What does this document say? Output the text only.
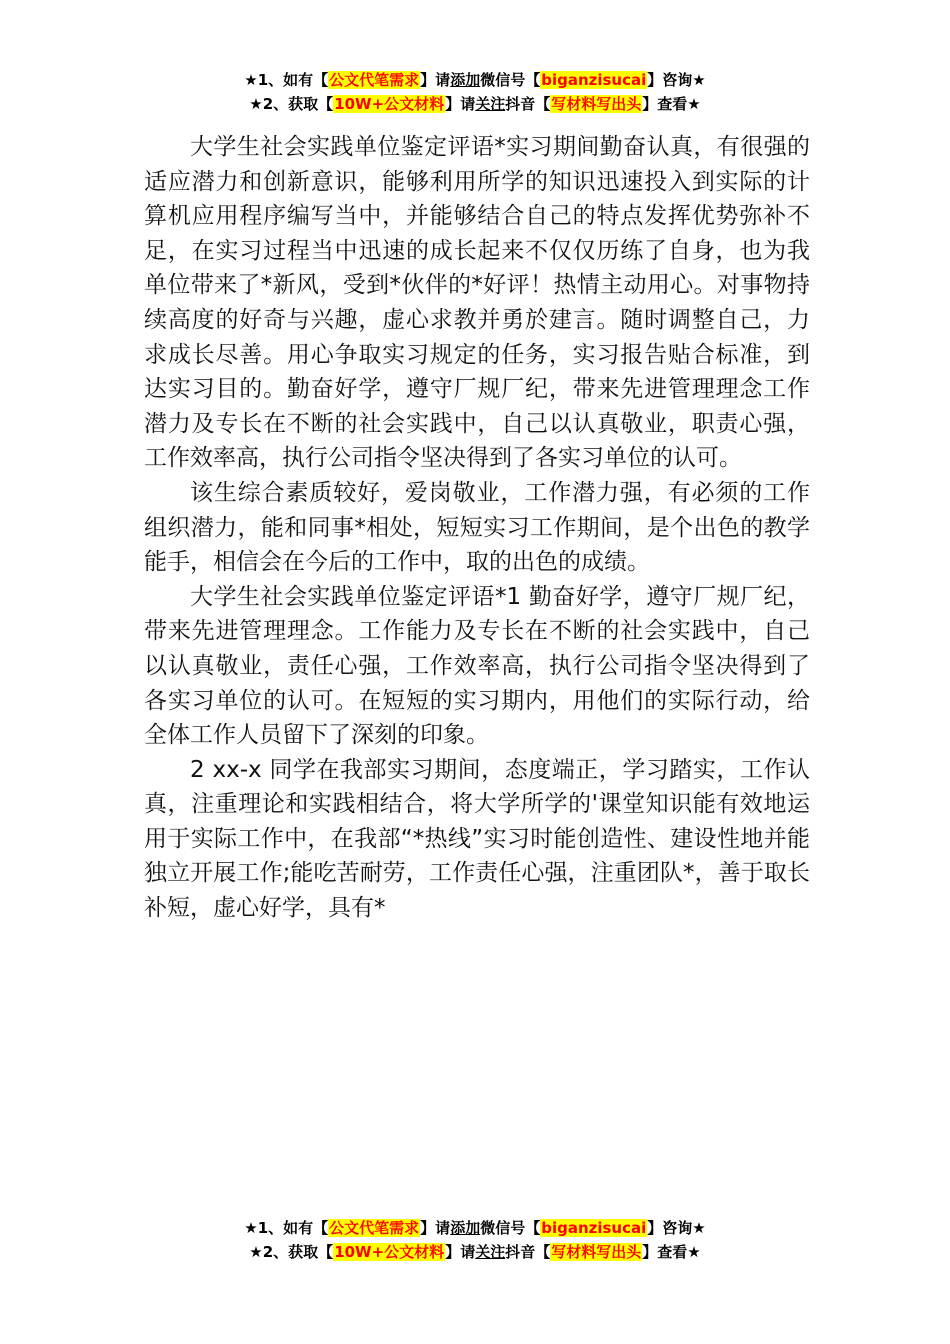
★1、如有【公文代笔需求】请添加微信号【biganzisucai】咨询★
★2、获取【10W+公文材料】请关注抖音【写材料写出头】查看★

大学生社会实践单位鉴定评语*实习期间勤奋认真，有很强的适应潜力和创新意识，能够利用所学的知识迅速投入到实际的计算机应用程序编写当中，并能够结合自己的特点发挥优势弥补不足，在实习过程当中迅速的成长起来不仅仅历练了自身，也为我单位带来了*新风，受到*伙伴的*好评！热情主动用心。对事物持续高度的好奇与兴趣，虚心求教并勇於建言。随时调整自己，力求成长尽善。用心争取实习规定的任务，实习报告贴合标准，到达实习目的。勤奋好学，遵守厂规厂纪，带来先进管理理念工作潜力及专长在不断的社会实践中，自己以认真敬业，职责心强，工作效率高，执行公司指令坚决得到了各实习单位的认可。

该生综合素质较好，爱岗敬业，工作潜力强，有必须的工作组织潜力，能和同事*相处，短短实习工作期间，是个出色的教学能手，相信会在今后的工作中，取的出色的成绩。

大学生社会实践单位鉴定评语*1 勤奋好学，遵守厂规厂纪，带来先进管理理念。工作能力及专长在不断的社会实践中，自己以认真敬业，责任心强，工作效率高，执行公司指令坚决得到了各实习单位的认可。在短短的实习期内，用他们的实际行动，给全体工作人员留下了深刻的印象。

2 xx-x 同学在我部实习期间，态度端正，学习踏实，工作认真，注重理论和实践相结合，将大学所学的'课堂知识能有效地运用于实际工作中，在我部“*热线”实习时能创造性、建设性地并能独立开展工作;能吃苦耐劳，工作责任心强，注重团队*，善于取长补短，虚心好学，具有*

★1、如有【公文代笔需求】请添加微信号【biganzisucai】咨询★
★2、获取【10W+公文材料】请关注抖音【写材料写出头】查看★
